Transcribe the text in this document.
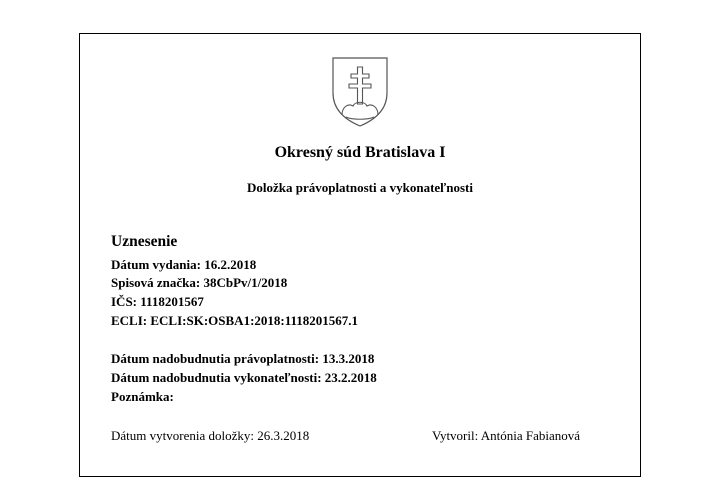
Okresný súd Bratislava I
Doložka právoplatnosti a vykonateľnosti
Uznesenie
Dátum vydania: 16.2.2018
Spisová značka: 38CbPv/1/2018
IČS: 1118201567
ECLI: ECLI:SK:OSBA1:2018:1118201567.1
Dátum nadobudnutia právoplatnosti: 13.3.2018
Dátum nadobudnutia vykonateľnosti: 23.2.2018
Poznámka:
Dátum vytvorenia doložky: 26.3.2018	Vytvoril: Antónia Fabianová
